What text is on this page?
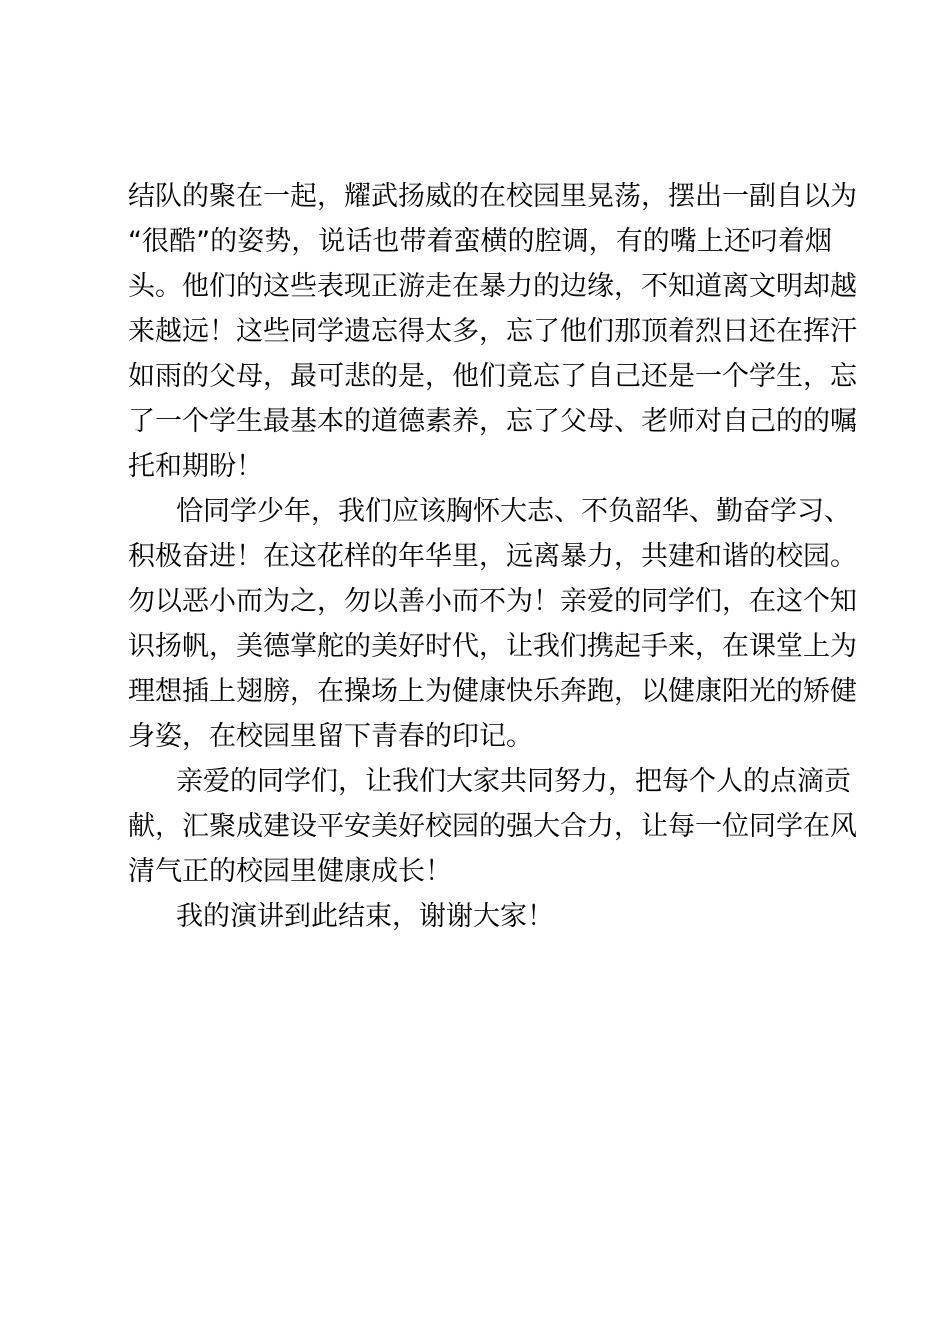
结队的聚在一起，耀武扬威的在校园里晃荡，摆出一副自以为
“很酷”的姿势，说话也带着蛮横的腔调，有的嘴上还叼着烟
头。他们的这些表现正游走在暴力的边缘，不知道离文明却越
来越远！这些同学遗忘得太多，忘了他们那顶着烈日还在挥汗
如雨的父母，最可悲的是，他们竟忘了自己还是一个学生，忘
了一个学生最基本的道德素养，忘了父母、老师对自己的的嘱
托和期盼！
恰同学少年，我们应该胸怀大志、不负韶华、勤奋学习、
积极奋进！在这花样的年华里，远离暴力，共建和谐的校园。
勿以恶小而为之，勿以善小而不为！亲爱的同学们，在这个知
识扬帆，美德掌舵的美好时代，让我们携起手来，在课堂上为
理想插上翅膀，在操场上为健康快乐奔跑，以健康阳光的矫健
身姿，在校园里留下青春的印记。
亲爱的同学们，让我们大家共同努力，把每个人的点滴贡
献，汇聚成建设平安美好校园的强大合力，让每一位同学在风
清气正的校园里健康成长！
我的演讲到此结束，谢谢大家！
